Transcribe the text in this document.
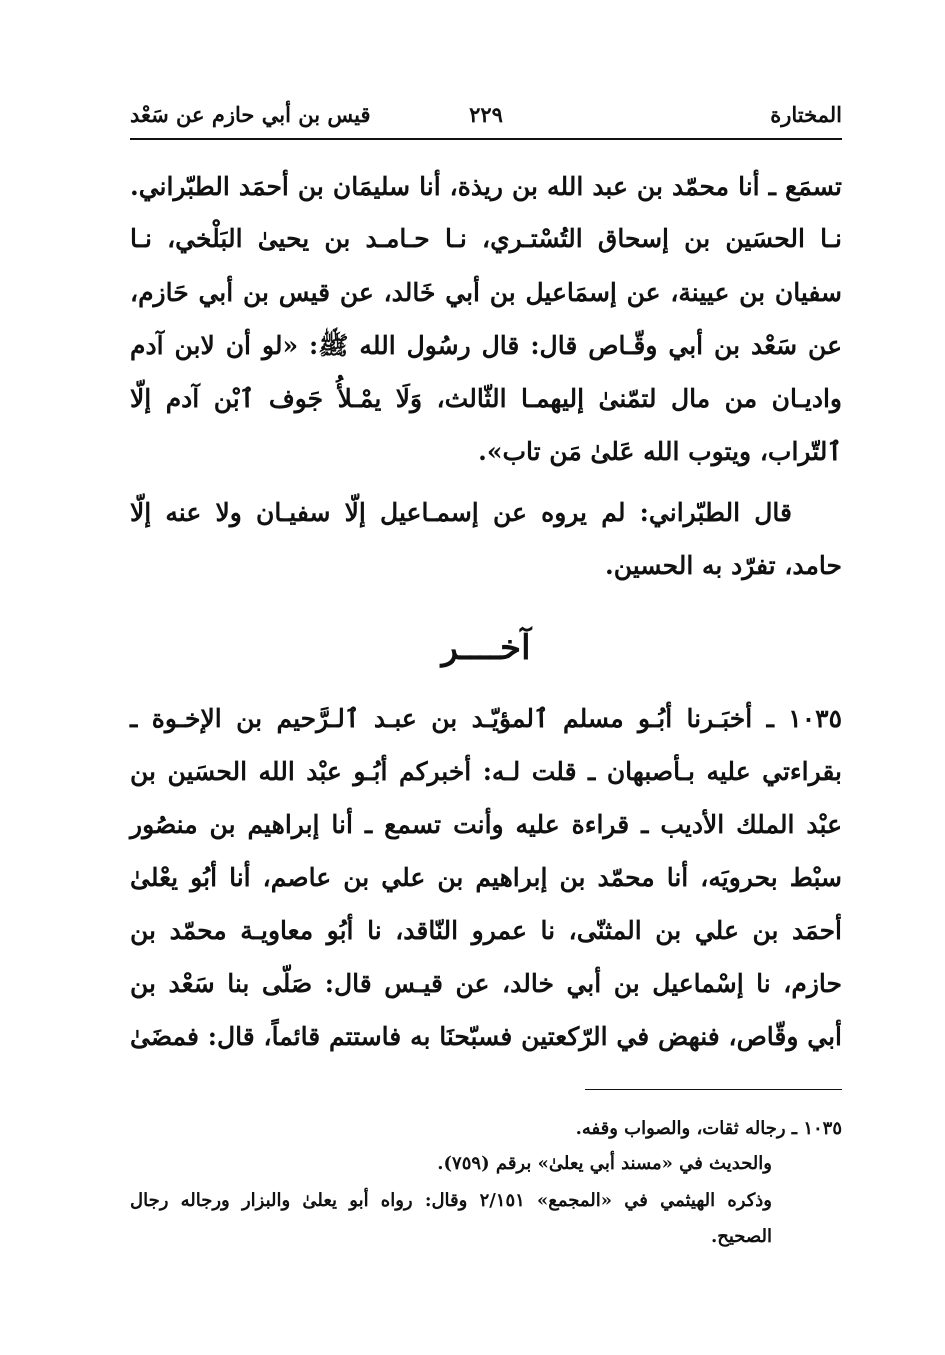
المختارة
٢٢٩
قيس بن أبي حازم عن سَعْد
تسمَع ـ أنا محمّد بن عبد الله بن ريذة، أنا سليمَان بن أحمَد الطبّراني.
نـا الحسَين بن إسحاق التُسْتـري، نـا حـامـد بن يحيىٰ البَلْخي، نـا
سفيان بن عيينة، عن إسمَاعيل بن أبي خَالد، عن قيس بن أبي حَازم،
عن سَعْد بن أبي وقّـاص قال: قال رسُول الله ﷺ: «لو أن لابن آدم
واديـان من مال لتمّنىٰ إليهمـا الثّالث، وَلَا يمْـلأُ جَوف ٱبْن آدم إلّا
ٱلتّراب، ويتوب الله عَلىٰ مَن تاب».
قال الطبّراني: لم يروه عن إسمـاعيل إلّا سفيـان ولا عنه إلّا
حامد، تفرّد به الحسين.
آخــــر
١٠٣٥ ـ أخبَـرنا أبُـو مسلم ٱلمؤيّـد بن عبـد ٱلـرَّحيم بن الإخـوة ـ
بقراءتي عليه بـأصبهان ـ قلت لـه: أخبركم أبُـو عبْد الله الحسَين بن
عبْد الملك الأديب ـ قراءة عليه وأنت تسمع ـ أنا إبراهيم بن منصُور
سبْط بحرويَه، أنا محمّد بن إبراهيم بن علي بن عاصم، أنا أبُو يعْلىٰ
أحمَد بن علي بن المثنّى، نا عمرو النّاقد، نا أبُو معاويـة محمّد بن
حازم، نا إسْماعيل بن أبي خالد، عن قيـس قال: صَلّى بنا سَعْد بن
أبي وقّاص، فنهض في الرّكعتين فسبّحنَا به فاستتم قائماً، قال: فمضَىٰ
١٠٣٥ ـ رجاله ثقات، والصواب وقفه.
والحديث في «مسند أبي يعلىٰ» برقم (٧٥٩).
وذكره الهيثمي في «المجمع» ٢/١٥١ وقال: رواه أبو يعلىٰ والبزار ورجاله رجال
الصحيح.
